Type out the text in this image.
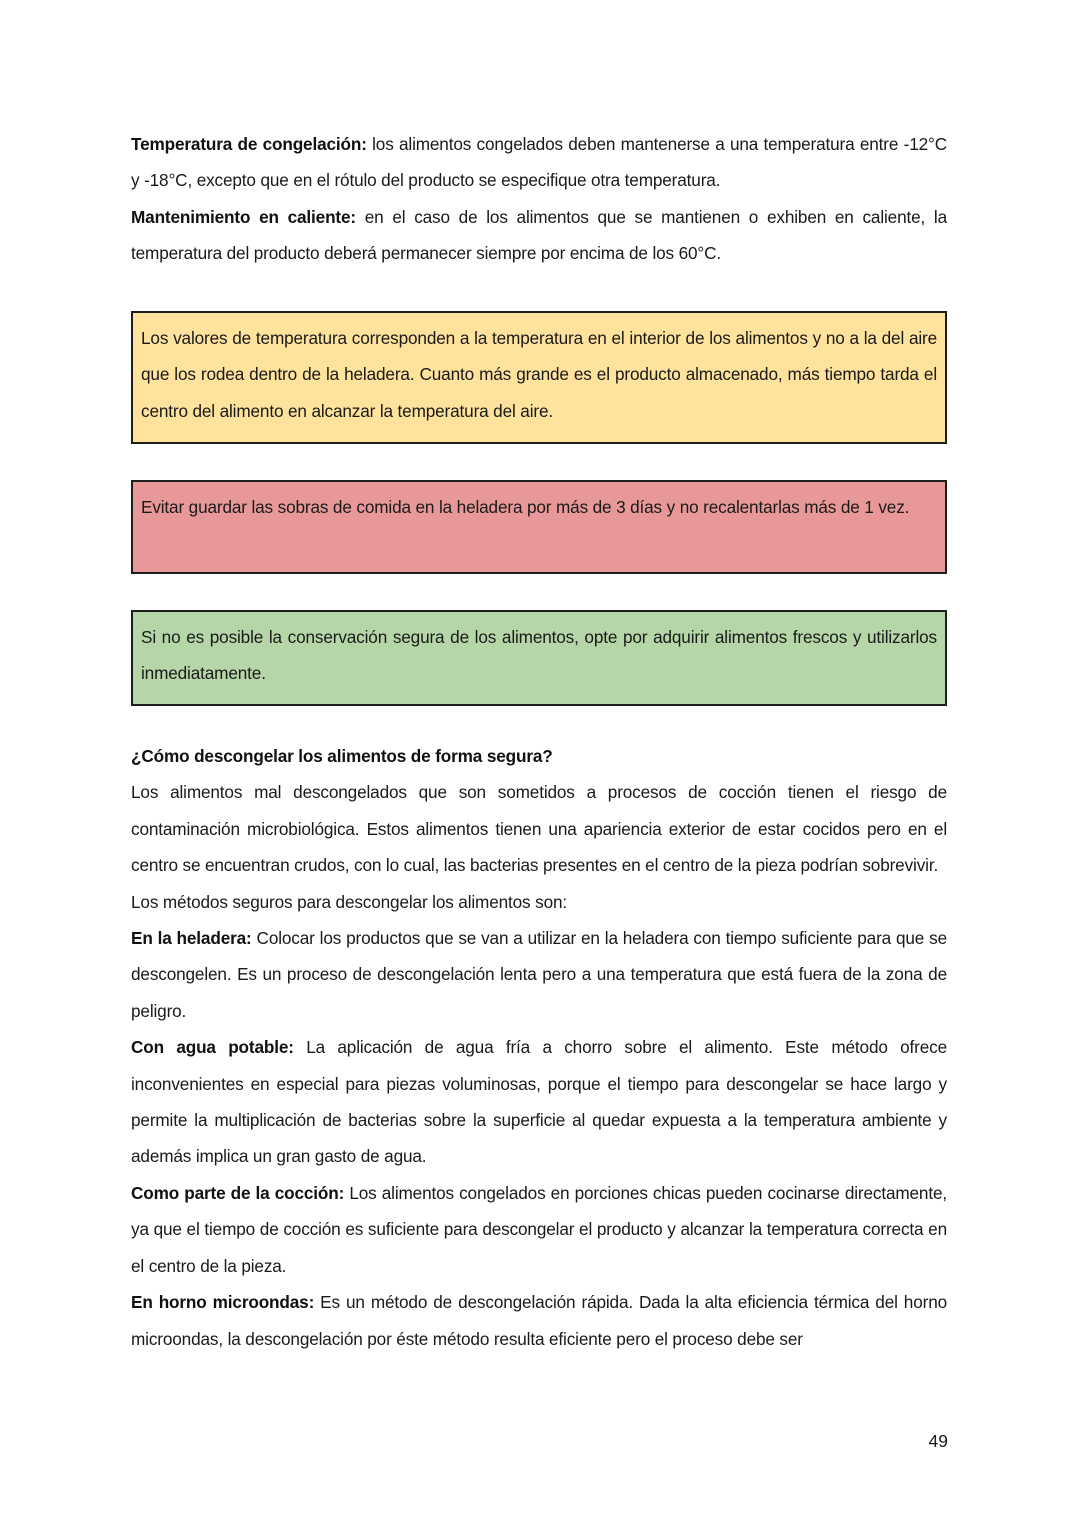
Temperatura de congelación: los alimentos congelados deben mantenerse a una temperatura entre -12°C y -18°C, excepto que en el rótulo del producto se especifique otra temperatura.

Mantenimiento en caliente: en el caso de los alimentos que se mantienen o exhiben en caliente, la temperatura del producto deberá permanecer siempre por encima de los 60°C.

Los valores de temperatura corresponden a la temperatura en el interior de los alimentos y no a la del aire que los rodea dentro de la heladera. Cuanto más grande es el producto almacenado, más tiempo tarda el centro del alimento en alcanzar la temperatura del aire.

Evitar guardar las sobras de comida en la heladera por más de 3 días y no recalentarlas más de 1 vez.

Si no es posible la conservación segura de los alimentos, opte por adquirir alimentos frescos y utilizarlos inmediatamente.

¿Cómo descongelar los alimentos de forma segura?

Los alimentos mal descongelados que son sometidos a procesos de cocción tienen el riesgo de contaminación microbiológica. Estos alimentos tienen una apariencia exterior de estar cocidos pero en el centro se encuentran crudos, con lo cual, las bacterias presentes en el centro de la pieza podrían sobrevivir.

Los métodos seguros para descongelar los alimentos son:

En la heladera: Colocar los productos que se van a utilizar en la heladera con tiempo suficiente para que se descongelen. Es un proceso de descongelación lenta pero a una temperatura que está fuera de la zona de peligro.

Con agua potable: La aplicación de agua fría a chorro sobre el alimento. Este método ofrece inconvenientes en especial para piezas voluminosas, porque el tiempo para descongelar se hace largo y permite la multiplicación de bacterias sobre la superficie al quedar expuesta a la temperatura ambiente y además implica un gran gasto de agua.

Como parte de la cocción: Los alimentos congelados en porciones chicas pueden cocinarse directamente, ya que el tiempo de cocción es suficiente para descongelar el producto y alcanzar la temperatura correcta en el centro de la pieza.

En horno microondas: Es un método de descongelación rápida. Dada la alta eficiencia térmica del horno microondas, la descongelación por éste método resulta eficiente pero el proceso debe ser

49
